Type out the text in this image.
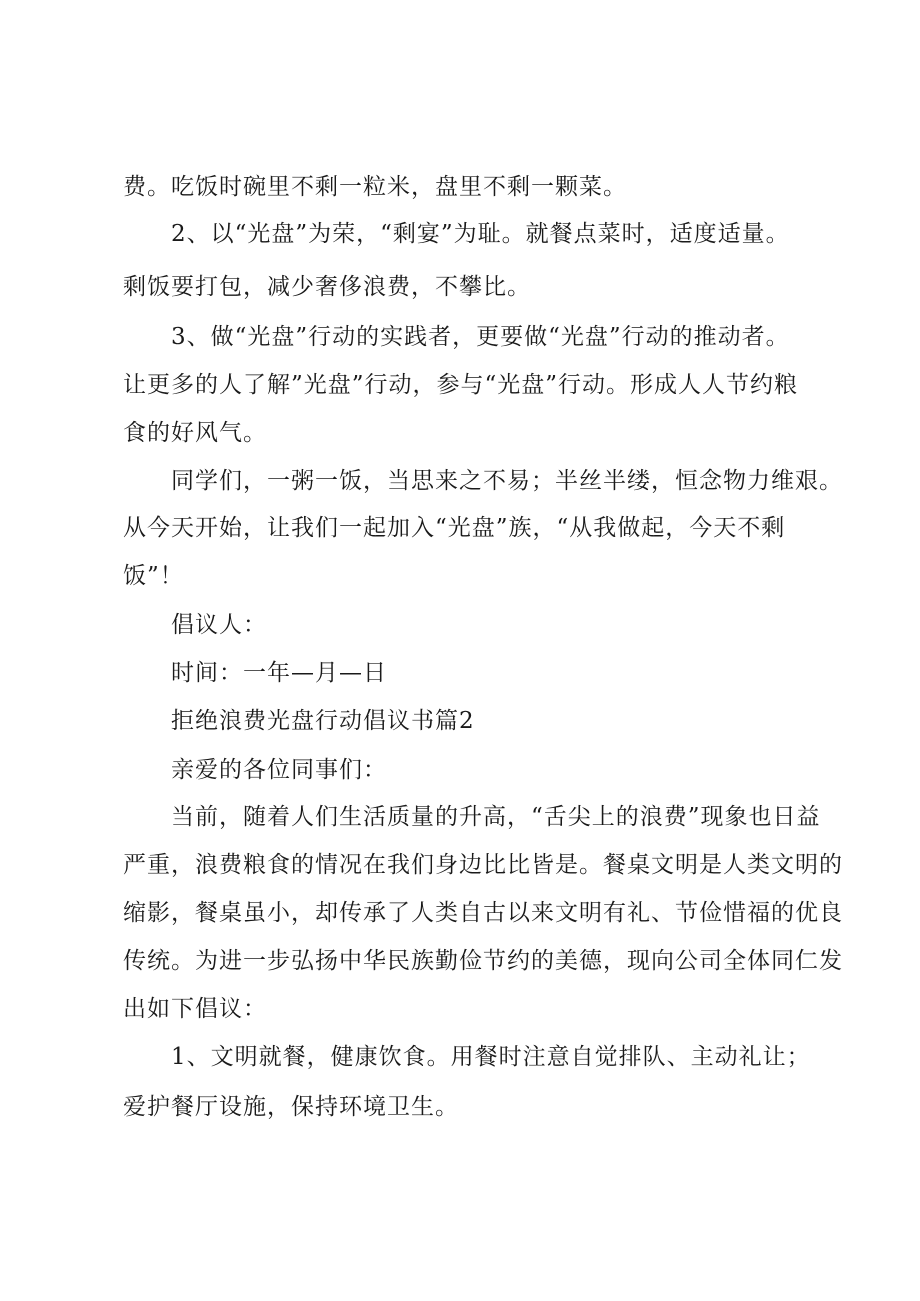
费。吃饭时碗里不剩一粒米，盘里不剩一颗菜。
2、以“光盘”为荣，“剩宴”为耻。就餐点菜时，适度适量。
剩饭要打包，减少奢侈浪费，不攀比。
3、做“光盘”行动的实践者，更要做“光盘”行动的推动者。
让更多的人了解”光盘”行动，参与“光盘”行动。形成人人节约粮
食的好风气。
同学们，一粥一饭，当思来之不易；半丝半缕，恒念物力维艰。
从今天开始，让我们一起加入“光盘”族，“从我做起，今天不剩
饭”！
倡议人：
时间：一年—月—日
拒绝浪费光盘行动倡议书篇2
亲爱的各位同事们：
当前，随着人们生活质量的升高，“舌尖上的浪费”现象也日益
严重，浪费粮食的情况在我们身边比比皆是。餐桌文明是人类文明的
缩影，餐桌虽小，却传承了人类自古以来文明有礼、节俭惜福的优良
传统。为进一步弘扬中华民族勤俭节约的美德，现向公司全体同仁发
出如下倡议：
1、文明就餐，健康饮食。用餐时注意自觉排队、主动礼让；
爱护餐厅设施，保持环境卫生。
